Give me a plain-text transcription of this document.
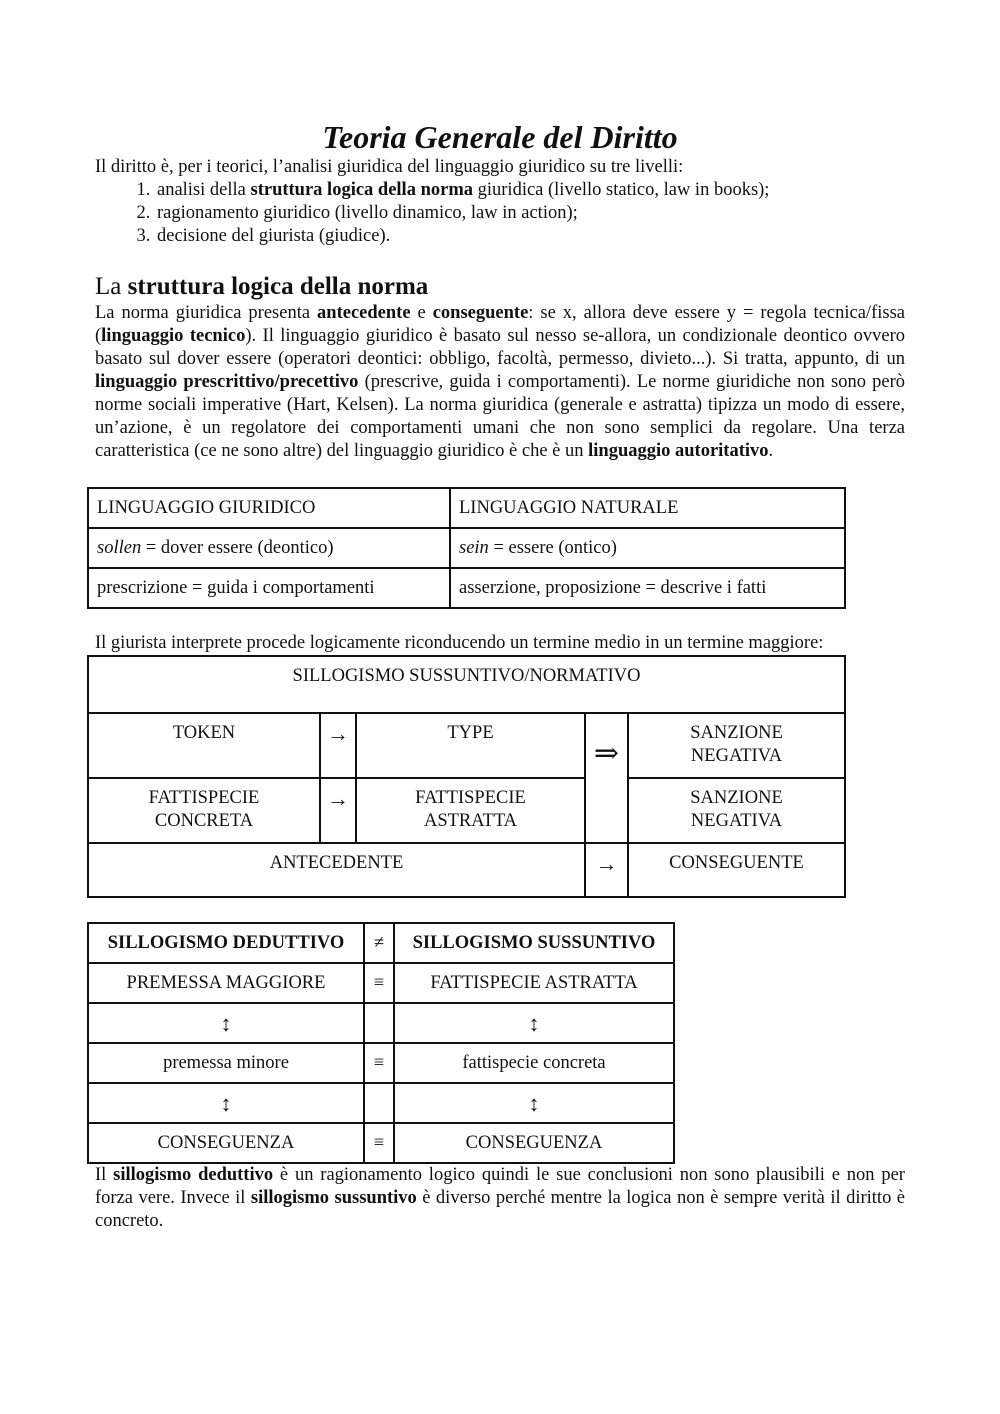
Teoria Generale del Diritto

Il diritto è, per i teorici, l’analisi giuridica del linguaggio giuridico su tre livelli:

1. analisi della struttura logica della norma giuridica (livello statico, law in books);
2. ragionamento giuridico (livello dinamico, law in action);
3. decisione del giurista (giudice).
La struttura logica della norma

La norma giuridica presenta antecedente e conseguente: se x, allora deve essere y = regola tecnica/fissa (linguaggio tecnico). Il linguaggio giuridico è basato sul nesso se-allora, un condizionale deontico ovvero basato sul dover essere (operatori deontici: obbligo, facoltà, permesso, divieto...). Si tratta, appunto, di un linguaggio prescrittivo/precettivo (prescrive, guida i comportamenti). Le norme giuridiche non sono però norme sociali imperative (Hart, Kelsen). La norma giuridica (generale e astratta) tipizza un modo di essere, un’azione, è un regolatore dei comportamenti umani che non sono semplici da regolare. Una terza caratteristica (ce ne sono altre) del linguaggio giuridico è che è un linguaggio autoritativo.

LINGUAGGIO GIURIDICO	LINGUAGGIO NATURALE
sollen = dover essere (deontico)	sein = essere (ontico)
prescrizione = guida i comportamenti	asserzione, proposizione = descrive i fatti

Il giurista interprete procede logicamente riconducendo un termine medio in un termine maggiore:

SILLOGISMO SUSSUNTIVO/NORMATIVO				
TOKEN	→	TYPE	⇒	SANZIONE NEGATIVA

FATTISPECIE CONCRETA	→	FATTISPECIE ASTRATTA		SANZIONE NEGATIVA

ANTECEDENTE			→	CONSEGUENTE
SILLOGISMO DEDUTTIVO	≠	SILLOGISMO SUSSUNTIVO
PREMESSA MAGGIORE	≡	FATTISPECIE ASTRATTA
↕		↕
premessa minore	≡	fattispecie concreta
↕		↕
CONSEGUENZA	≡	CONSEGUENZA

Il sillogismo deduttivo è un ragionamento logico quindi le sue conclusioni non sono plausibili e non per forza vere. Invece il sillogismo sussuntivo è diverso perché mentre la logica non è sempre verità il diritto è concreto.
